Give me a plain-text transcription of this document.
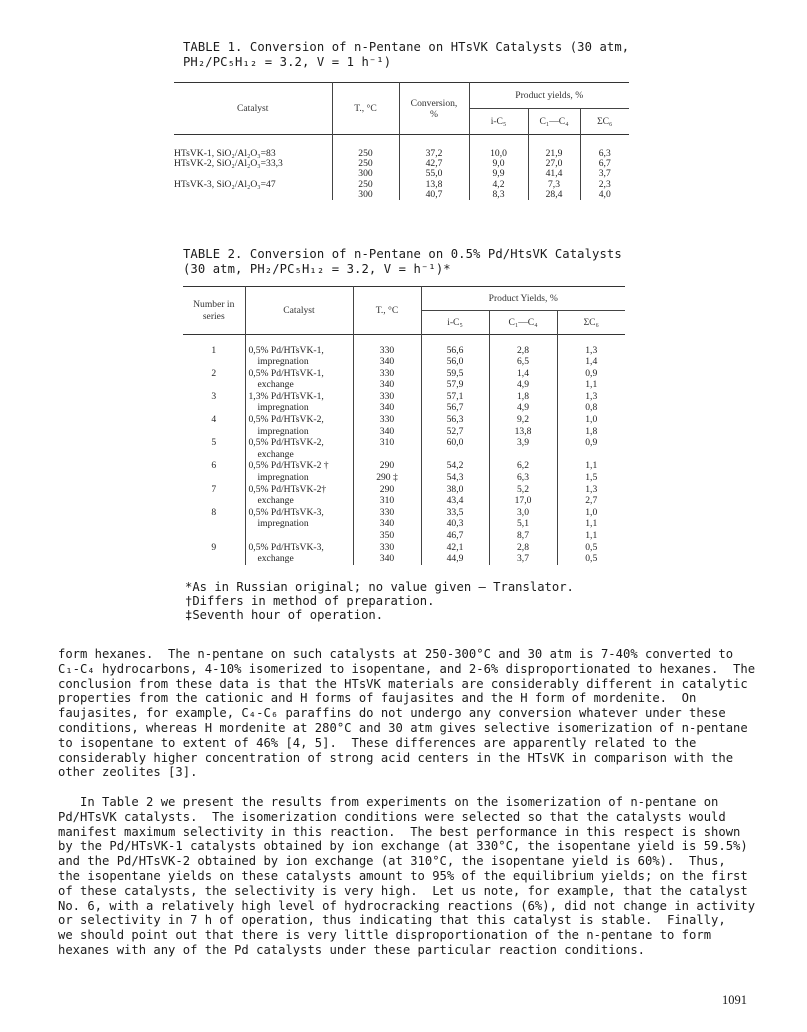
TABLE 1. Conversion of n-Pentane on HTsVK Catalysts (30 atm,
PH₂/PC₅H₁₂ = 3.2, V = 1 h⁻¹)
Catalyst	T., °C	Conversion, %	Product yields, %		
			i-C₅	C₁—C₄	ΣC₆

HTsVK-1, SiO₂/Al₂O₃=83	250	37,2	10,0	21,9	6,3
HTsVK-2, SiO₂/Al₂O₃=33,3	250	42,7	9,0	27,0	6,7
	300	55,0	9,9	41,4	3,7
HTsVK-3, SiO₂/Al₂O₃=47	250	13,8	4,2	7,3	2,3
	300	40,7	8,3	28,4	4,0
TABLE 2. Conversion of n-Pentane on 0.5% Pd/HtsVK Catalysts
(30 atm, PH₂/PC₅H₁₂ = 3.2, V = h⁻¹)*
Number in series	Catalyst	T., °C	Product Yields, %		
			i-C₅	C₁—C₄	ΣC₆

1	0,5% Pd/HTsVK-1,	330	56,6	2,8	1,3
	impregnation	340	56,0	6,5	1,4
2	0,5% Pd/HTsVK-1,	330	59,5	1,4	0,9
	exchange	340	57,9	4,9	1,1
3	1,3% Pd/HTsVK-1,	330	57,1	1,8	1,3
	impregnation	340	56,7	4,9	0,8
4	0,5% Pd/HTsVK-2,	330	56,3	9,2	1,0
	impregnation	340	52,7	13,8	1,8
5	0,5% Pd/HTsVK-2,	310	60,0	3,9	0,9
	exchange				
6	0,5% Pd/HTsVK-2 †	290	54,2	6,2	1,1
	impregnation	290 ‡	54,3	6,3	1,5
7	0,5% Pd/HTsVK-2†	290	38,0	5,2	1,3
	exchange	310	43,4	17,0	2,7
8	0,5% Pd/HTsVK-3,	330	33,5	3,0	1,0
	impregnation	340	40,3	5,1	1,1
		350	46,7	8,7	1,1
9	0,5% Pd/HTsVK-3,	330	42,1	2,8	0,5
	exchange	340	44,9	3,7	0,5
*As in Russian original; no value given — Translator.
†Differs in method of preparation.
‡Seventh hour of operation.
form hexanes.  The n-pentane on such catalysts at 250-300°C and 30 atm is 7-40% converted to
C₁-C₄ hydrocarbons, 4-10% isomerized to isopentane, and 2-6% disproportionated to hexanes.  The
conclusion from these data is that the HTsVK materials are considerably different in catalytic
properties from the cationic and H forms of faujasites and the H form of mordenite.  On
faujasites, for example, C₄-C₆ paraffins do not undergo any conversion whatever under these
conditions, whereas H mordenite at 280°C and 30 atm gives selective isomerization of n-pentane
to isopentane to extent of 46% [4, 5].  These differences are apparently related to the
considerably higher concentration of strong acid centers in the HTsVK in comparison with the
other zeolites [3].

In Table 2 we present the results from experiments on the isomerization of n-pentane on
Pd/HTsVK catalysts.  The isomerization conditions were selected so that the catalysts would
manifest maximum selectivity in this reaction.  The best performance in this respect is shown
by the Pd/HTsVK-1 catalysts obtained by ion exchange (at 330°C, the isopentane yield is 59.5%)
and the Pd/HTsVK-2 obtained by ion exchange (at 310°C, the isopentane yield is 60%).  Thus,
the isopentane yields on these catalysts amount to 95% of the equilibrium yields; on the first
of these catalysts, the selectivity is very high.  Let us note, for example, that the catalyst
No. 6, with a relatively high level of hydrocracking reactions (6%), did not change in activity
or selectivity in 7 h of operation, thus indicating that this catalyst is stable.  Finally,
we should point out that there is very little disproportionation of the n-pentane to form
hexanes with any of the Pd catalysts under these particular reaction conditions.

1091
